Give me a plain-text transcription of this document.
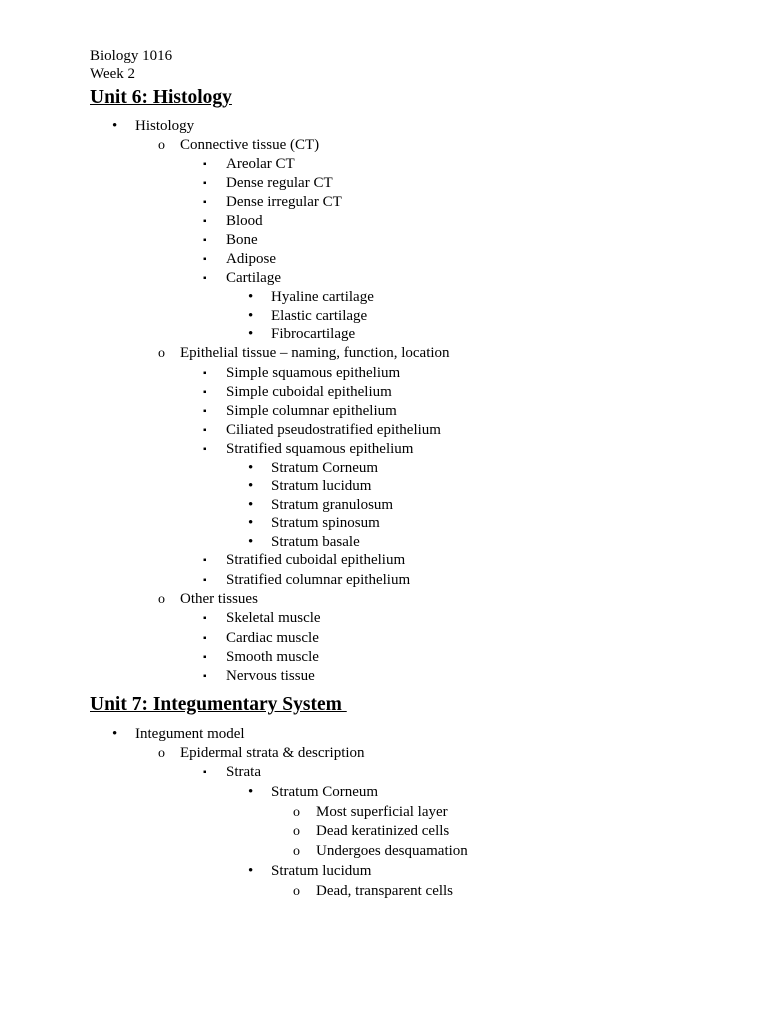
Biology 1016
Week 2
Unit 6: Histology
• Histology
o Connective tissue (CT)
▪ Areolar CT
▪ Dense regular CT
▪ Dense irregular CT
▪ Blood
▪ Bone
▪ Adipose
▪ Cartilage
• Hyaline cartilage
• Elastic cartilage
• Fibrocartilage
o Epithelial tissue – naming, function, location
▪ Simple squamous epithelium
▪ Simple cuboidal epithelium
▪ Simple columnar epithelium
▪ Ciliated pseudostratified epithelium
▪ Stratified squamous epithelium
• Stratum Corneum
• Stratum lucidum
• Stratum granulosum
• Stratum spinosum
• Stratum basale
▪ Stratified cuboidal epithelium
▪ Stratified columnar epithelium
o Other tissues
▪ Skeletal muscle
▪ Cardiac muscle
▪ Smooth muscle
▪ Nervous tissue
Unit 7: Integumentary System
• Integument model
o Epidermal strata & description
▪ Strata
• Stratum Corneum
o Most superficial layer
o Dead keratinized cells
o Undergoes desquamation
• Stratum lucidum
o Dead, transparent cells
